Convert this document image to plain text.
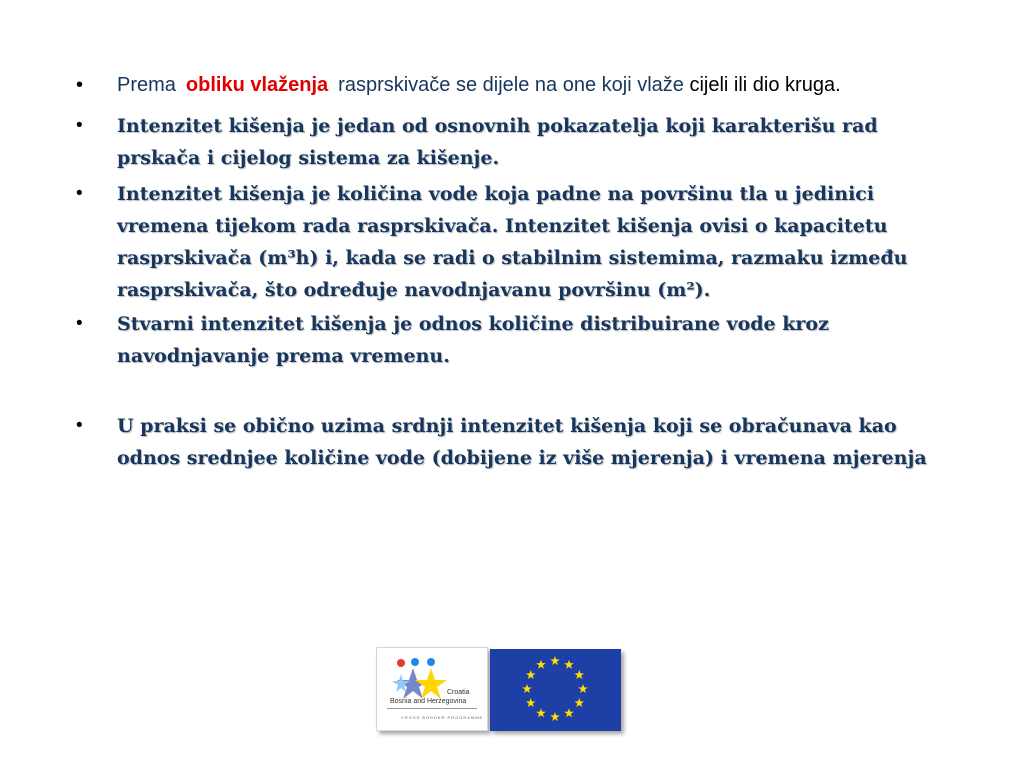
• Prema obliku vlaženja rasprskivače se dijele na one koji vlaže cijeli ili dio kruga.
• Intenzitet kišenja je jedan od osnovnih pokazatelja koji karakterišu rad prskača i cijelog sistema za kišenje.
• Intenzitet kišenja je količina vode koja padne na površinu tla u jedinici vremena tijekom rada rasprskivača. Intenzitet kišenja ovisi o kapacitetu rasprskivača (m³h) i, kada se radi o stabilnim sistemima, razmaku između rasprskivača, što određuje navodnjavanu površinu (m²).
• Stvarni intenzitet kišenja je odnos količine distribuirane vode kroz navodnjavanje prema vremenu.
• U praksi se obično uzima srdnji intenzitet kišenja koji se obračunava kao odnos srednjee količine vode (dobijene iz više mjerenja) i vremena mjerenja
Croatia
Bosnia and Herzegovina
CROSS BORDER PROGRAMME
